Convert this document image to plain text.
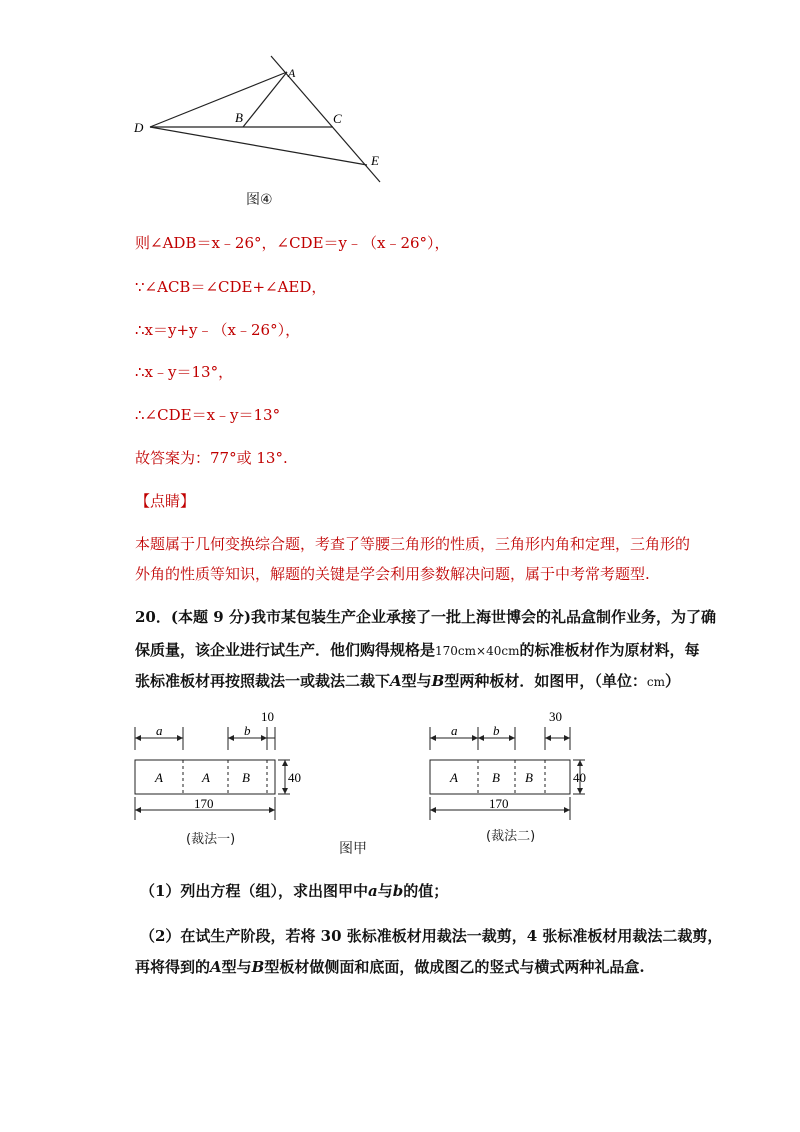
A
B	C
D
E
图④
则∠ADB＝x﹣26°，∠CDE＝y﹣（x﹣26°），
∵∠ACB＝∠CDE+∠AED，
∴x＝y+y﹣（x﹣26°），
∴x﹣y＝13°，
∴∠CDE＝x﹣y＝13°
故答案为：77°或 13°.
【点睛】
本题属于几何变换综合题，考查了等腰三角形的性质，三角形内角和定理，三角形的
外角的性质等知识，解题的关键是学会利用参数解决问题，属于中考常考题型.
20．(本题 9 分)我市某包装生产企业承接了一批上海世博会的礼品盒制作业务，为了确
保质量，该企业进行试生产．他们购得规格是170cm×40cm的标准板材作为原材料，每
张标准板材再按照裁法一或裁法二裁下A型与B型两种板材．如图甲，（单位：cm）
a	b
10
A	A B	40
170
(裁法一)
a	b
30
A	B B	40
170
(裁法二)
图甲
（1）列出方程（组），求出图甲中a与b的值；
（2）在试生产阶段，若将 30 张标准板材用裁法一裁剪，4 张标准板材用裁法二裁剪，
再将得到的A型与B型板材做侧面和底面，做成图乙的竖式与横式两种礼品盒.
